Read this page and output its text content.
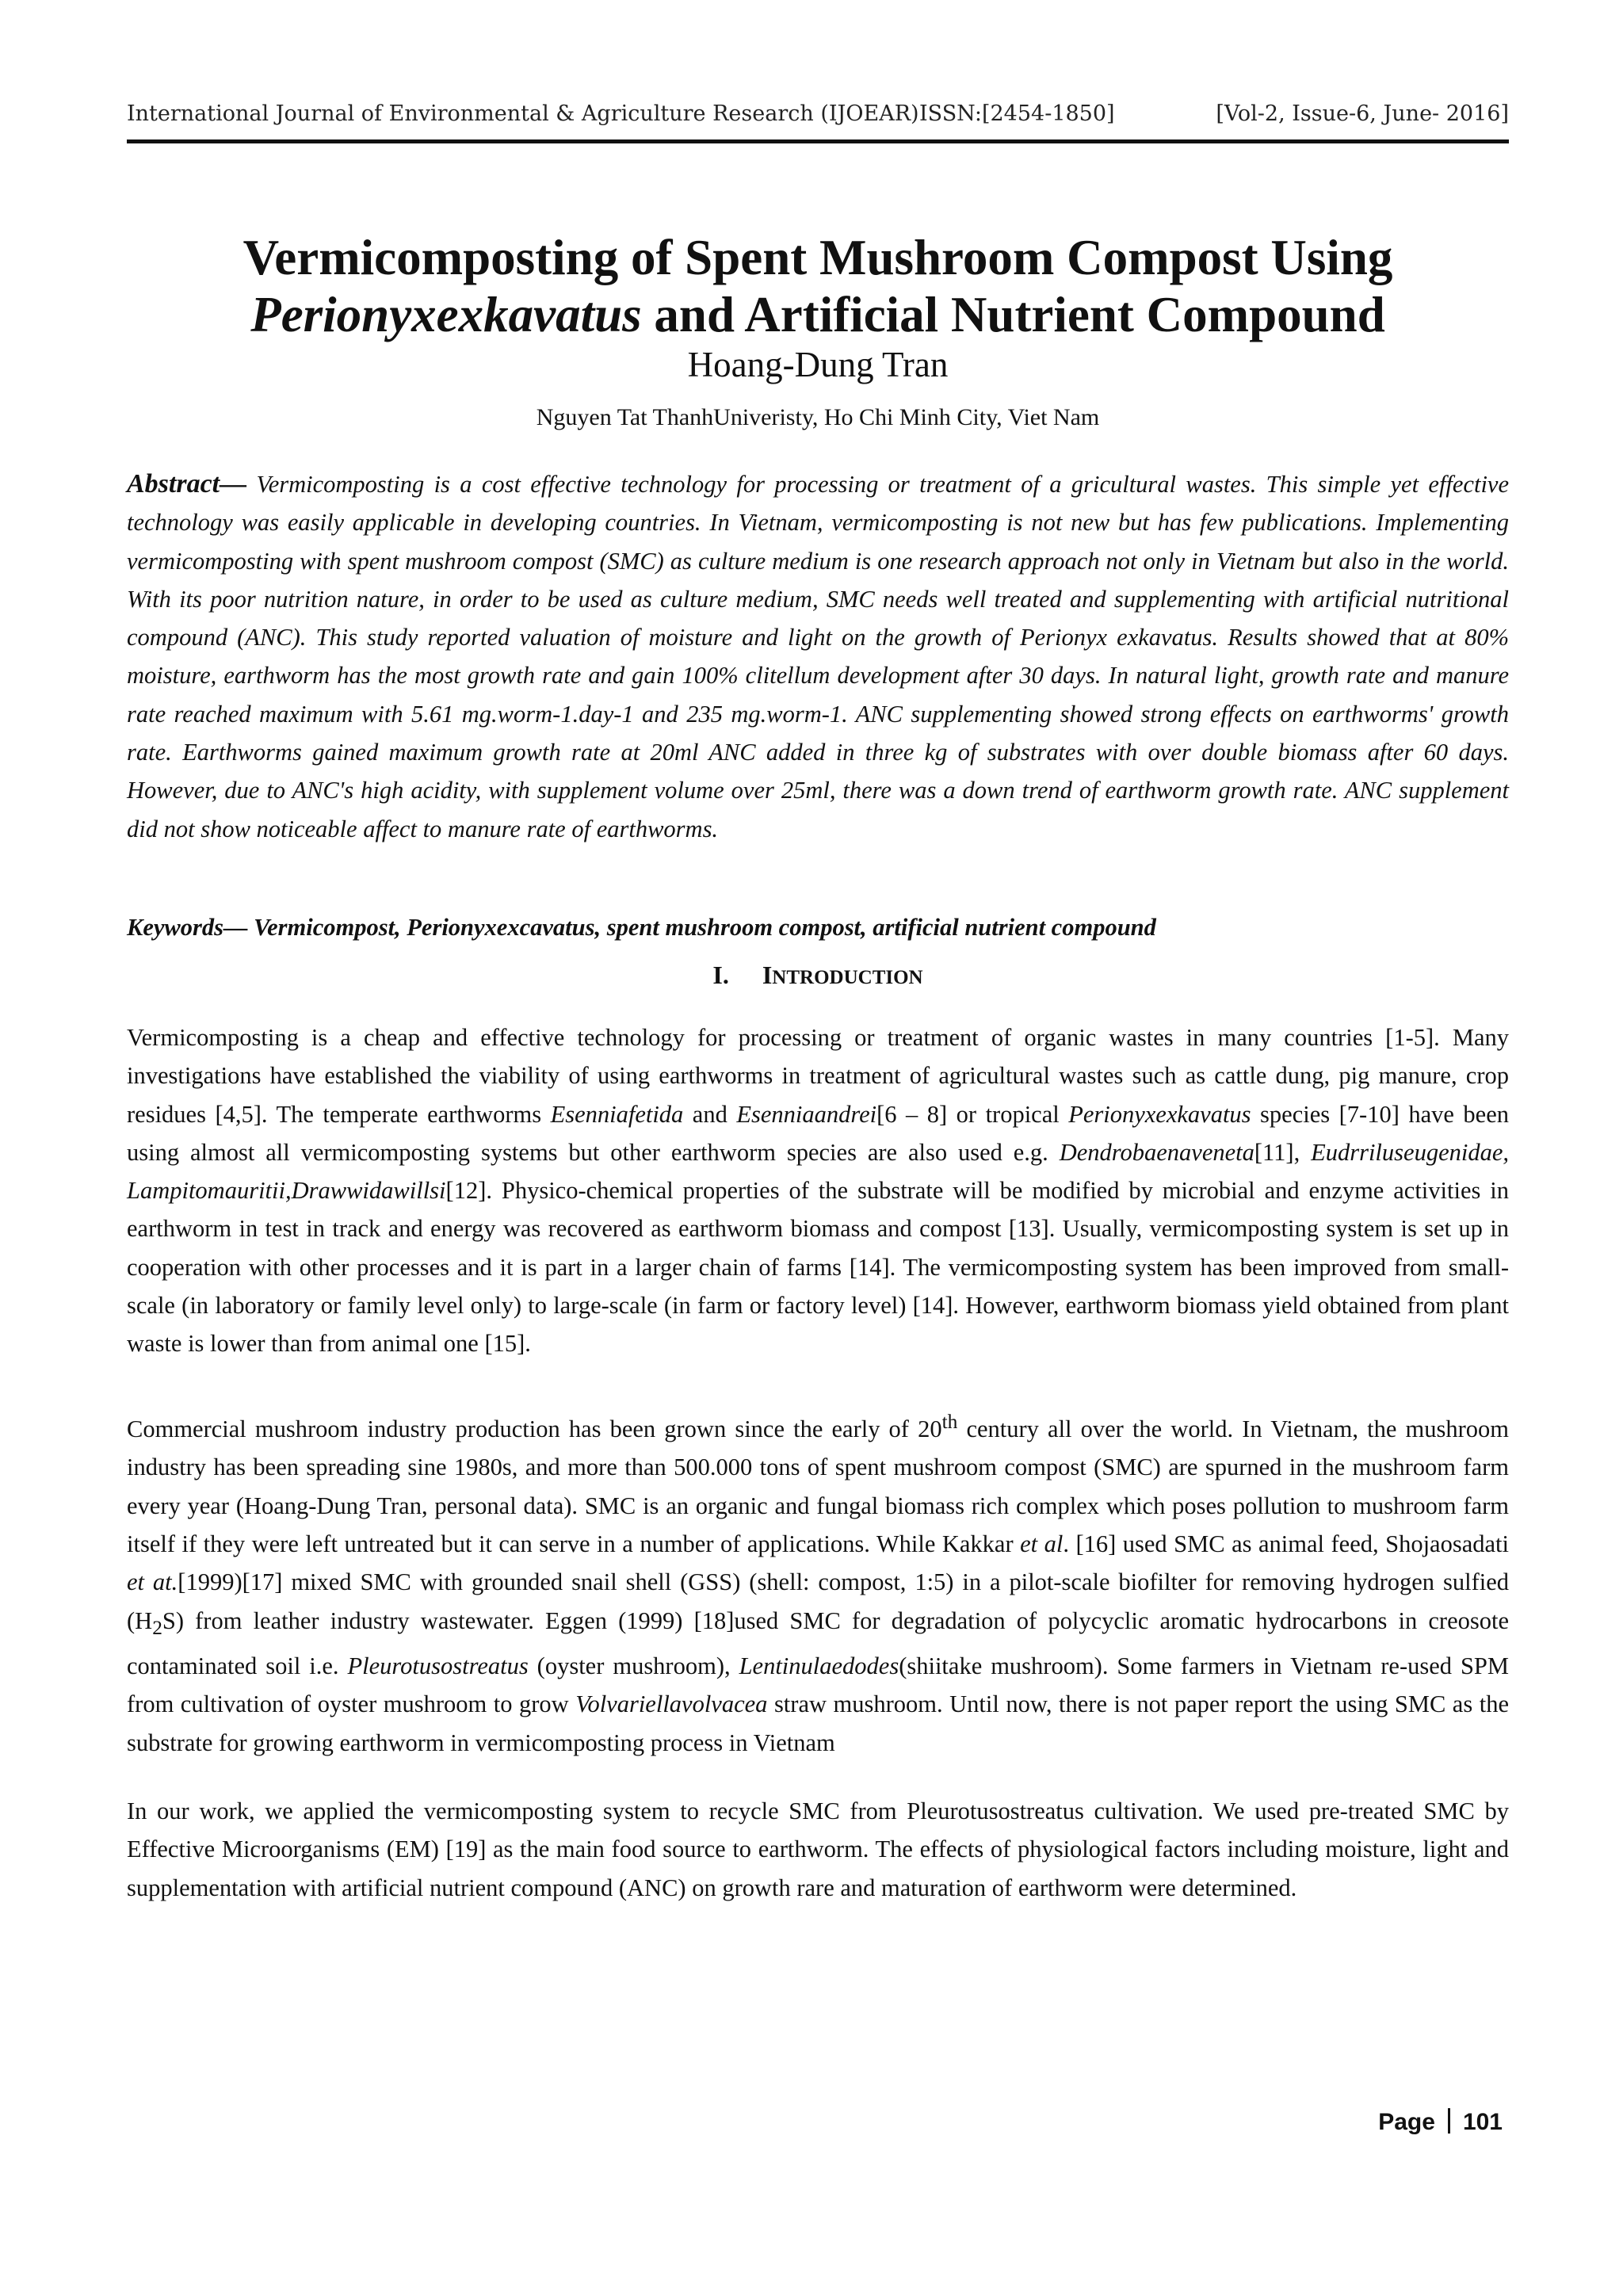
International Journal of Environmental & Agriculture Research (IJOEAR) ISSN:[2454-1850]	[Vol-2, Issue-6, June- 2016]
Vermicomposting of Spent Mushroom Compost Using
Perionyxexkavatus and Artificial Nutrient Compound
Hoang-Dung Tran
Nguyen Tat ThanhUniveristy, Ho Chi Minh City, Viet Nam
Abstract— Vermicomposting is a cost effective technology for processing or treatment of a gricultural wastes. This simple yet effective technology was easily applicable in developing countries. In Vietnam, vermicomposting is not new but has few publications. Implementing vermicomposting with spent mushroom compost (SMC) as culture medium is one research approach not only in Vietnam but also in the world. With its poor nutrition nature, in order to be used as culture medium, SMC needs well treated and supplementing with artificial nutritional compound (ANC). This study reported valuation of moisture and light on the growth of Perionyx exkavatus. Results showed that at 80% moisture, earthworm has the most growth rate and gain 100% clitellum development after 30 days. In natural light, growth rate and manure rate reached maximum with 5.61 mg.worm-1.day-1 and 235 mg.worm-1. ANC supplementing showed strong effects on earthworms' growth rate. Earthworms gained maximum growth rate at 20ml ANC added in three kg of substrates with over double biomass after 60 days. However, due to ANC's high acidity, with supplement volume over 25ml, there was a down trend of earthworm growth rate. ANC supplement did not show noticeable affect to manure rate of earthworms.
Keywords— Vermicompost, Perionyxexcavatus, spent mushroom compost, artificial nutrient compound
I. INTRODUCTION
Vermicomposting is a cheap and effective technology for processing or treatment of organic wastes in many countries [1-5]. Many investigations have established the viability of using earthworms in treatment of agricultural wastes such as cattle dung, pig manure, crop residues [4,5]. The temperate earthworms Esenniafetida and Esenniaandrei[6 – 8] or tropical Perionyxexkavatus species [7-10] have been using almost all vermicomposting systems but other earthworm species are also used e.g. Dendrobaenaveneta[11], Eudrriluseugenidae, Lampitomauritii,Drawwidawillsi[12]. Physico-chemical properties of the substrate will be modified by microbial and enzyme activities in earthworm in test in track and energy was recovered as earthworm biomass and compost [13]. Usually, vermicomposting system is set up in cooperation with other processes and it is part in a larger chain of farms [14]. The vermicomposting system has been improved from small-scale (in laboratory or family level only) to large-scale (in farm or factory level) [14]. However, earthworm biomass yield obtained from plant waste is lower than from animal one [15].
Commercial mushroom industry production has been grown since the early of 20th century all over the world. In Vietnam, the mushroom industry has been spreading sine 1980s, and more than 500.000 tons of spent mushroom compost (SMC) are spurned in the mushroom farm every year (Hoang-Dung Tran, personal data). SMC is an organic and fungal biomass rich complex which poses pollution to mushroom farm itself if they were left untreated but it can serve in a number of applications. While Kakkar et al. [16] used SMC as animal feed, Shojaosadati et at.[1999)[17] mixed SMC with grounded snail shell (GSS) (shell: compost, 1:5) in a pilot-scale biofilter for removing hydrogen sulfied $(H_2S)$ from leather industry wastewater. Eggen (1999) [18]used SMC for degradation of polycyclic aromatic hydrocarbons in creosote contaminated soil i.e. Pleurotusostreatus (oyster mushroom), Lentinulaedodes(shiitake mushroom). Some farmers in Vietnam re-used SPM from cultivation of oyster mushroom to grow Volvariellavolvacea straw mushroom. Until now, there is not paper report the using SMC as the substrate for growing earthworm in vermicomposting process in Vietnam
In our work, we applied the vermicomposting system to recycle SMC from Pleurotusostreatus cultivation. We used pre-treated SMC by Effective Microorganisms (EM) [19] as the main food source to earthworm. The effects of physiological factors including moisture, light and supplementation with artificial nutrient compound (ANC) on growth rare and maturation of earthworm were determined.
Page 101
